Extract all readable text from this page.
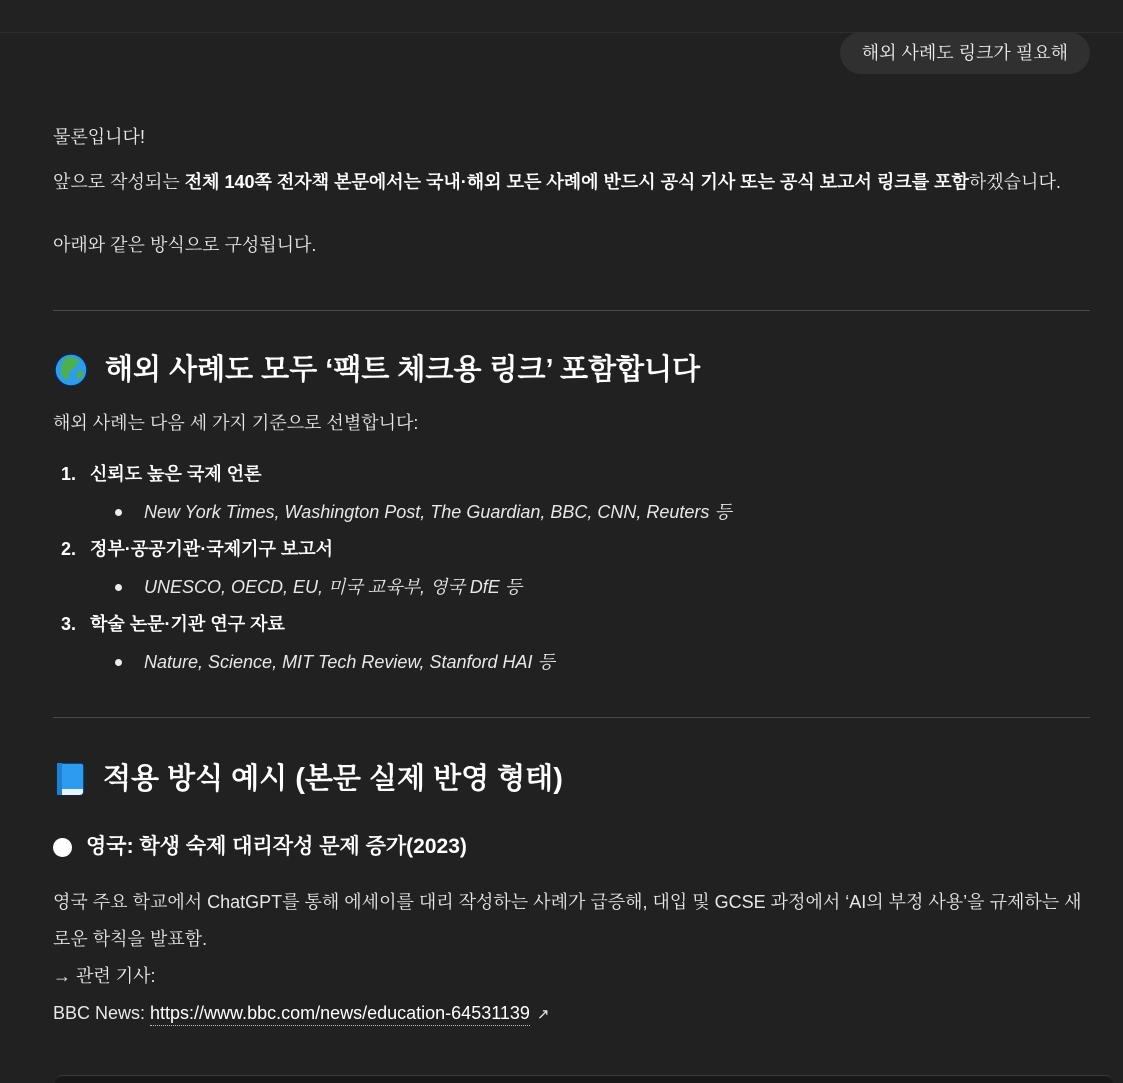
해외 사례도 링크가 필요해
물론입니다!
앞으로 작성되는 전체 140쪽 전자책 본문에서는 국내·해외 모든 사례에 반드시 공식 기사 또는 공식 보고서 링크를 포함하겠습니다.
아래와 같은 방식으로 구성됩니다.
해외 사례도 모두 ‘팩트 체크용 링크’ 포함합니다
해외 사례는 다음 세 가지 기준으로 선별합니다:
1. 신뢰도 높은 국제 언론
New York Times, Washington Post, The Guardian, BBC, CNN, Reuters 등
2. 정부·공공기관·국제기구 보고서
UNESCO, OECD, EU, 미국 교육부, 영국 DfE 등
3. 학술 논문·기관 연구 자료
Nature, Science, MIT Tech Review, Stanford HAI 등
적용 방식 예시 (본문 실제 반영 형태)
영국: 학생 숙제 대리작성 문제 증가(2023)
영국 주요 학교에서 ChatGPT를 통해 에세이를 대리 작성하는 사례가 급증해, 대입 및 GCSE 과정에서 ‘AI의 부정 사용’을 규제하는 새로운 학칙을 발표함.
→ 관련 기사:
BBC News: https://www.bbc.com/news/education-64531139 ↗
